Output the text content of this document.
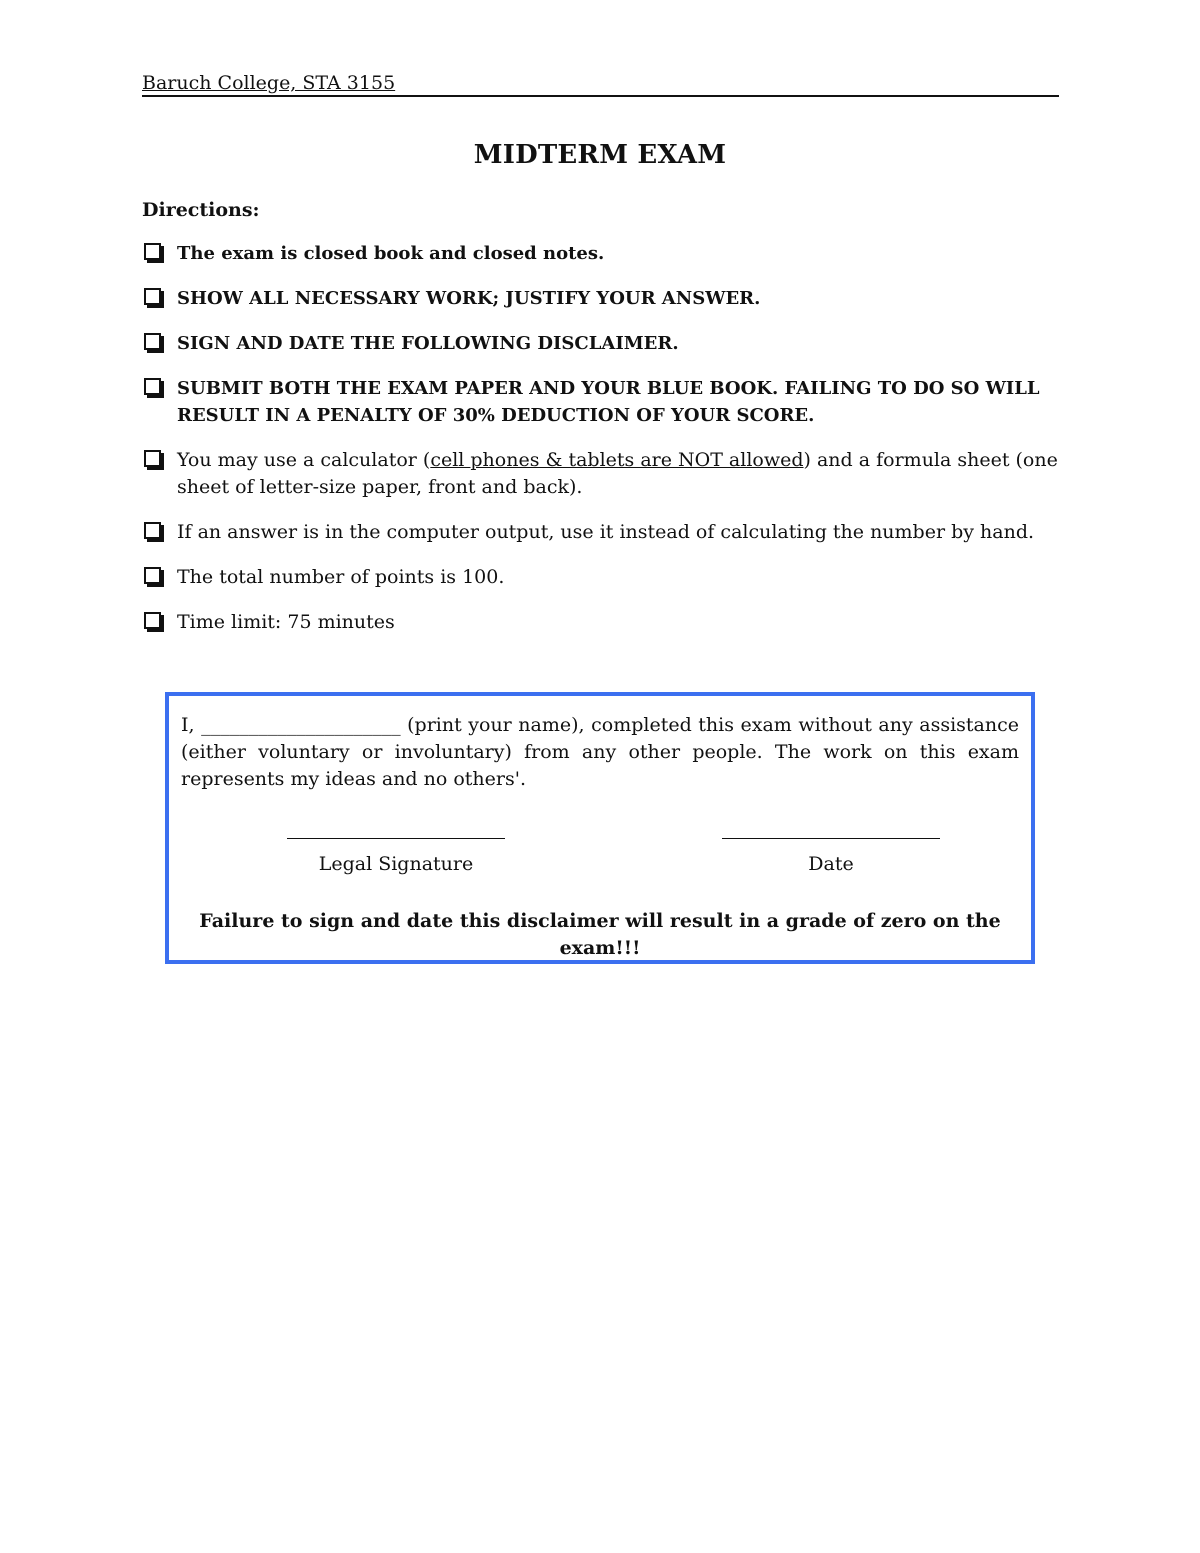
Baruch College, STA 3155
MIDTERM EXAM
Directions:
The exam is closed book and closed notes.
SHOW ALL NECESSARY WORK; JUSTIFY YOUR ANSWER.
SIGN AND DATE THE FOLLOWING DISCLAIMER.
SUBMIT BOTH THE EXAM PAPER AND YOUR BLUE BOOK. FAILING TO DO SO WILL RESULT IN A PENALTY OF 30% DEDUCTION OF YOUR SCORE.
You may use a calculator (cell phones & tablets are NOT allowed) and a formula sheet (one sheet of letter-size paper, front and back).
If an answer is in the computer output, use it instead of calculating the number by hand.
The total number of points is 100.
Time limit: 75 minutes

I, _____________________ (print your name), completed this exam without any assistance (either voluntary or involuntary) from any other people. The work on this exam represents my ideas and no others'.

Legal Signature	Date
Failure to sign and date this disclaimer will result in a grade of zero on the exam!!!
